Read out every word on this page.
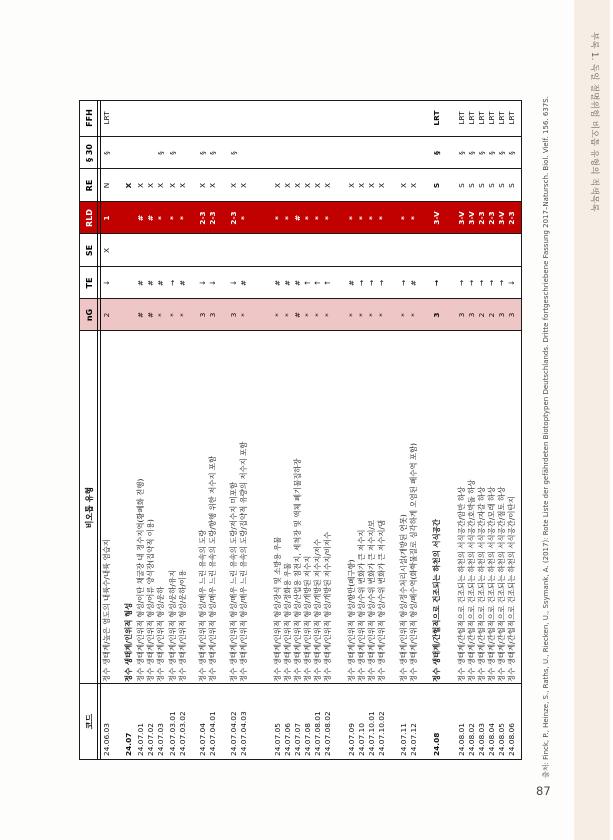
부록 1. 독일 절멸위험 비오톱 유형의 적색목록
코드
비오톱 유형
nG
TE
SE
RLD
RE
§ 30
FFH
24.06.03
정수 생태계/높은 염도의 내륙수/내륙 염습지
2
↓
X
1
N
§
LRT
24.07
정수 생태계/인위적 형성
X
24.07.01
정수 생태계/인위적 형성/이탄 채굴장 내 정수지역(황폐화 진행)
#
#
#
X
24.07.02
정수 생태계/인위적 형성/어류 양식장(집약적 이용)
#
#
#
X
24.07.03
정수 생태계/인위적 형성/운하
*
#
*
X
§
24.07.03.01
정수 생태계/인위적 형성/운하/유지
*
→
*
X
§
24.07.03.02
정수 생태계/인위적 형성/운하/이용
*
#
*
X
24.07.04
정수 생태계/인위적 형성/매우 느린 유속의 도랑
3
↓
2-3
X
§
24.07.04.01
정수 생태계/인위적 형성/매우 느린 유속의 도랑/항행 위한 저수지 포함
3
↓
2-3
X
§
24.07.04.02
정수 생태계/인위적 형성/매우 느린 유속의 도랑/저수지 미포함
3
↓
2-3
X
§
24.07.04.03
정수 생태계/인위적 형성/매우 느린 유속의 도랑/집약적 유량의 저수지 포함
*
#
*
X
24.07.05
정수 생태계/인위적 형성/장식 및 소방용 우물
*
#
*
X
24.07.06
정수 생태계/인위적 형성/정화용 우물
*
#
*
X
24.07.07
정수 생태계/인위적 형성/산업용 침전지, 세척장 및 액체 폐기물집하장
#
#
#
X
24.07.08
정수 생태계/인위적 형성/개방된 저수지
*
↑
*
X
24.07.08.01
정수 생태계/인위적 형성/개방된 저수지/저수
*
↑
*
X
24.07.08.02
정수 생태계/인위적 형성/개방된 저수지/비저수
*
↑
*
X
24.07.09
정수 생태계/인위적 형성/항만(폐구항)
*
#
*
X
24.07.10
정수 생태계/인위적 형성/수위 변화가 큰 저수지
*
→
*
X
24.07.10.01
정수 생태계/인위적 형성/수위 변화가 큰 저수지/보
*
→
*
X
24.07.10.02
정수 생태계/인위적 형성/수위 변화가 큰 저수지/댐
*
→
*
X
24.07.11
정수 생태계/인위적 형성/정수처리시설(개방된 연못)
*
→
*
X
24.07.12
정수 생태계/인위적 형성/폐수역(화학물질로 심각하게 오염된 폐수역 포함)
*
#
*
X
24.08
정수 생태계/간헐적으로 건조되는 하천의 서식공간
3
→
3-V
S
§
LRT
24.08.01
정수 생태계/간헐적으로 건조되는 하천의 서식공간/암반 하상
3
→
3-V
S
§
LRT
24.08.02
정수 생태계/간헐적으로 건조되는 하천의 서식공간/호박돌 하상
3
→
3-V
S
§
LRT
24.08.03
정수 생태계/간헐적으로 건조되는 하천의 서식공간/자갈 하상
2
→
2-3
S
§
LRT
24.08.04
정수 생태계/간헐적으로 건조되는 하천의 서식공간/모래 하상
2
→
2-3
S
§
LRT
24.08.05
정수 생태계/간헐적으로 건조되는 하천의 서식공간/점토 하상
3
→
3-V
S
§
LRT
24.08.06
정수 생태계/간헐적으로 건조되는 하천의 서식공간/이탄지
3
↓
2-3
S
§
LRT	출처: Finck, P., Heinze, S., Raths, U., Riecken, U., Ssymank, A. (2017): Rote Liste der gefährdeten Biotoptypen Deutschlands. Dritte fortgeschriebene Fassung 2017–Natursch. Biol. Vielf. 156. 637S.
87
